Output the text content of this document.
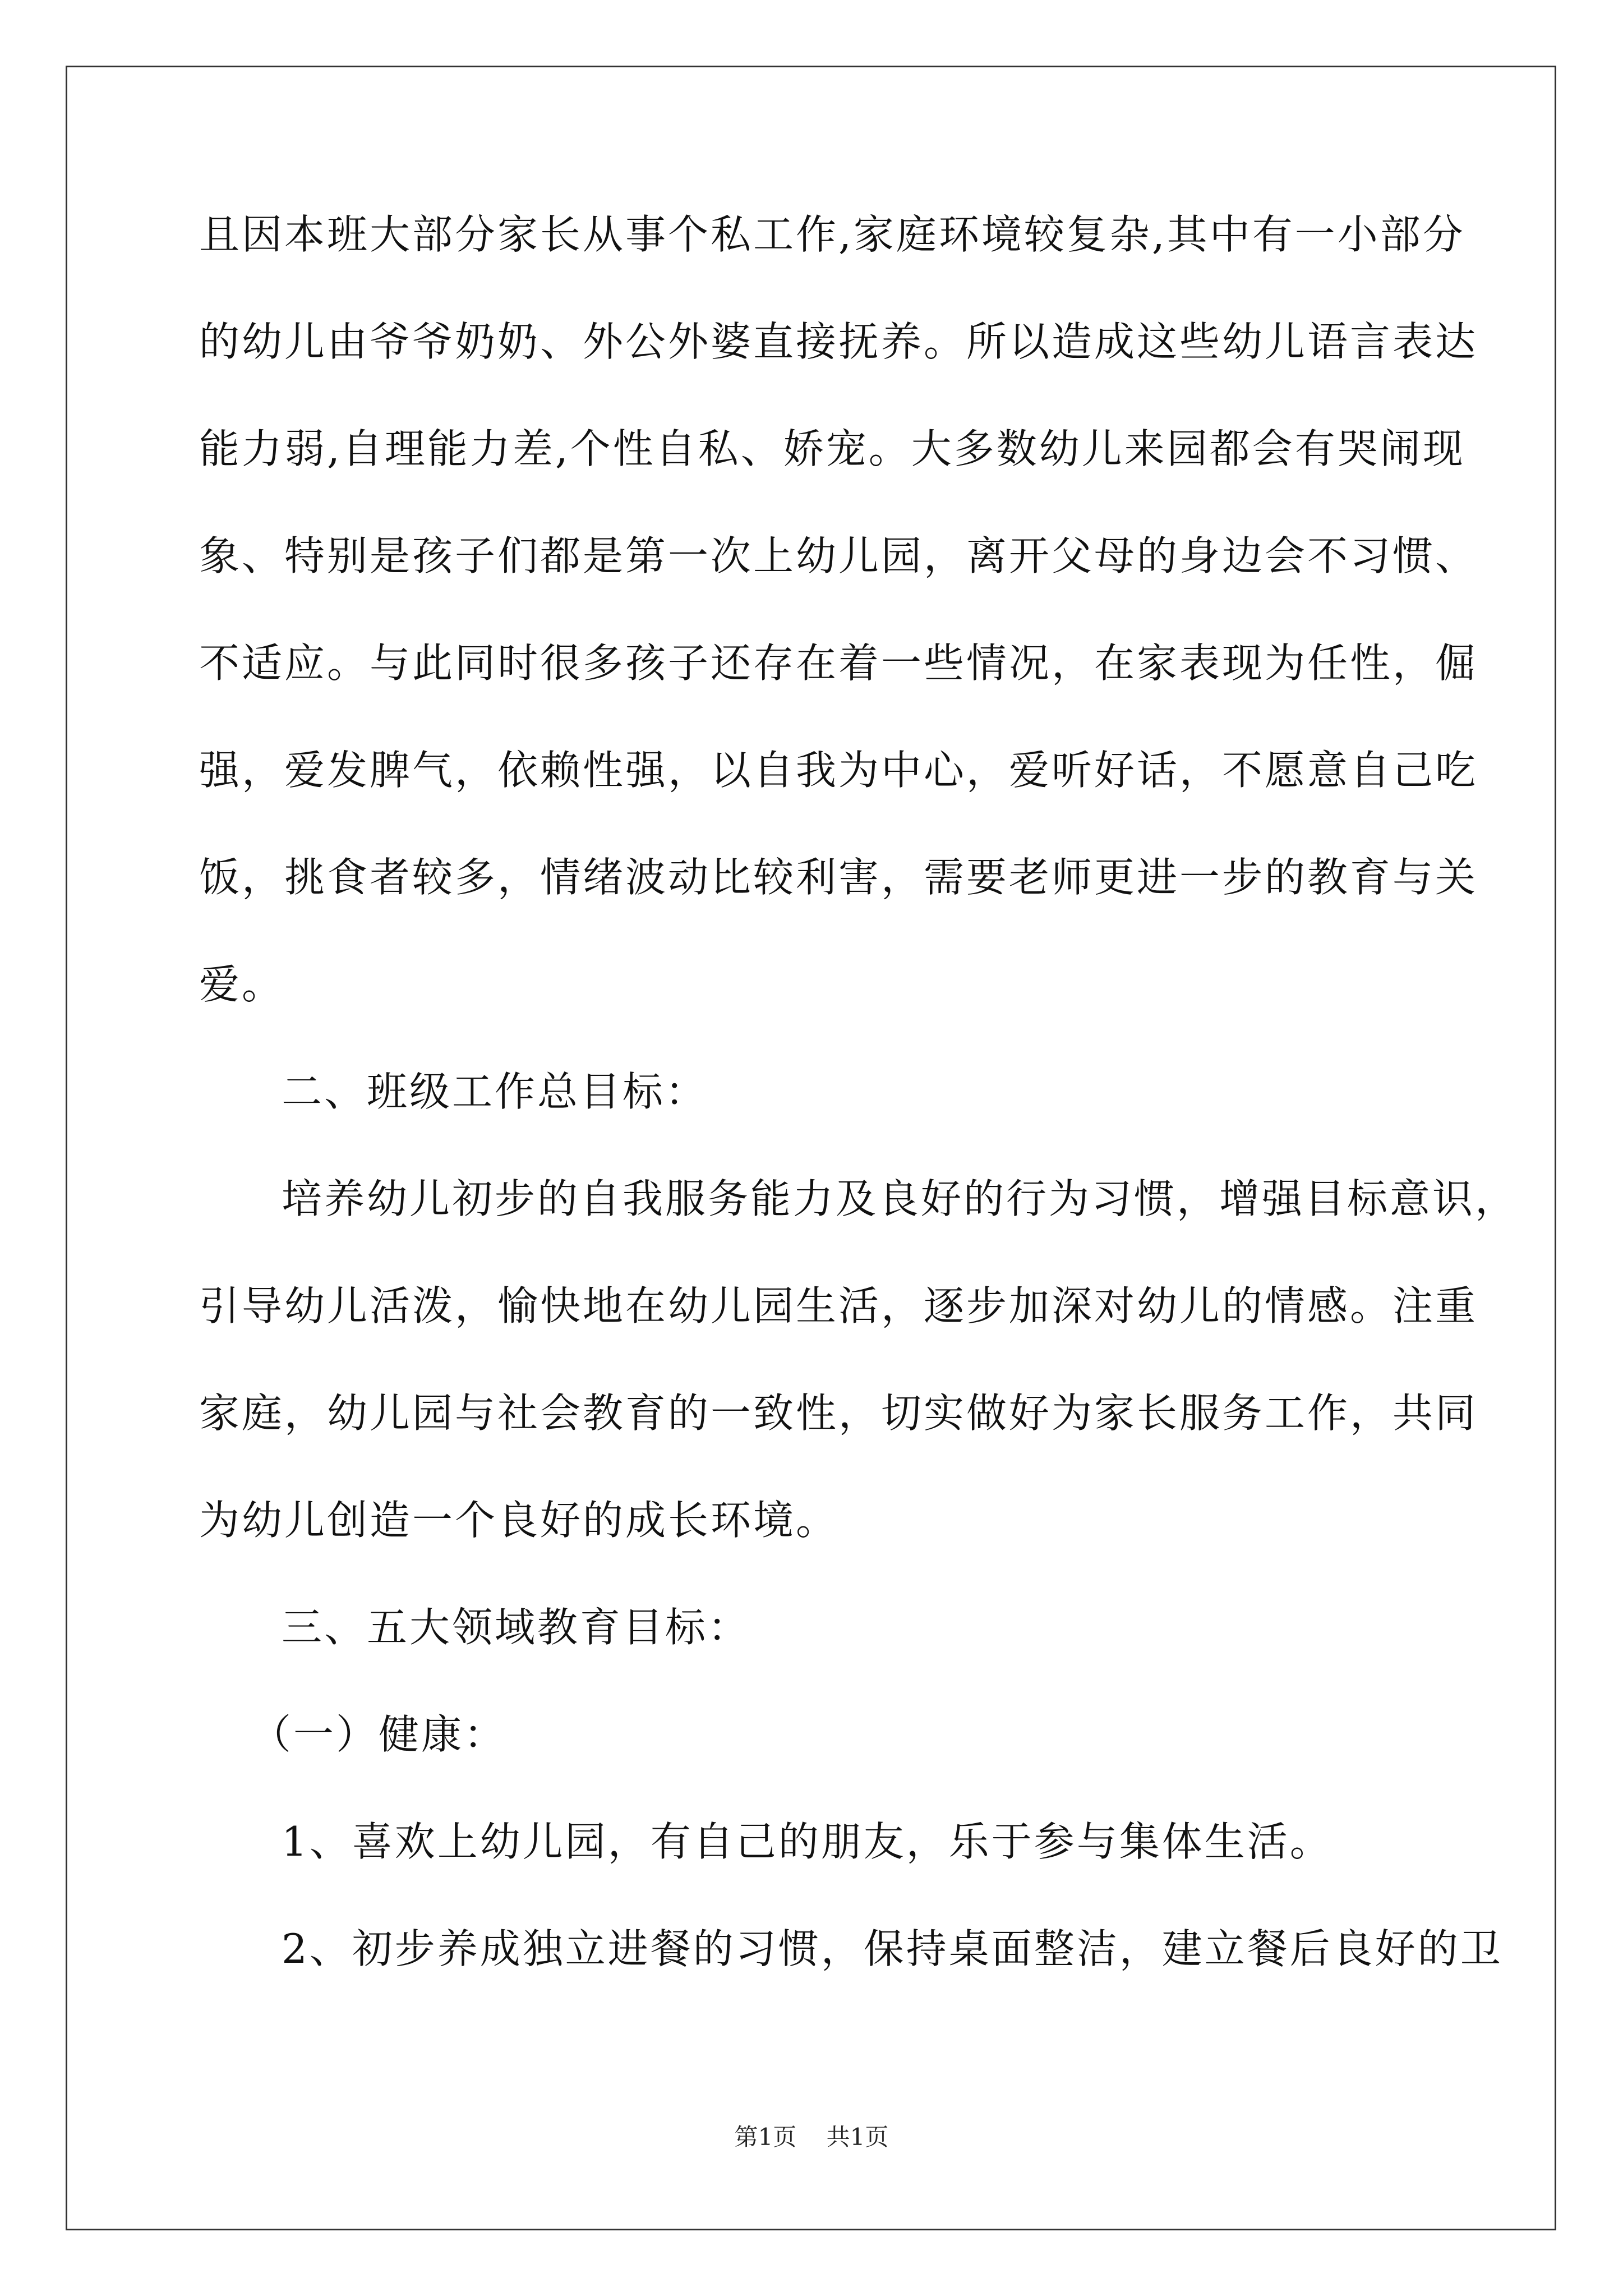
且因本班大部分家长从事个私工作,家庭环境较复杂,其中有一小部分
的幼儿由爷爷奶奶、外公外婆直接抚养。所以造成这些幼儿语言表达
能力弱,自理能力差,个性自私、娇宠。大多数幼儿来园都会有哭闹现
象、特别是孩子们都是第一次上幼儿园，离开父母的身边会不习惯、
不适应。与此同时很多孩子还存在着一些情况，在家表现为任性，倔
强，爱发脾气，依赖性强，以自我为中心，爱听好话，不愿意自己吃
饭，挑食者较多，情绪波动比较利害，需要老师更进一步的教育与关
爱。
二、班级工作总目标：
培养幼儿初步的自我服务能力及良好的行为习惯，增强目标意识，
引导幼儿活泼，愉快地在幼儿园生活，逐步加深对幼儿的情感。注重
家庭，幼儿园与社会教育的一致性，切实做好为家长服务工作，共同
为幼儿创造一个良好的成长环境。
三、五大领域教育目标：
（一）健康：
1、喜欢上幼儿园，有自己的朋友，乐于参与集体生活。
2、初步养成独立进餐的习惯，保持桌面整洁，建立餐后良好的卫
第1页 共1页
